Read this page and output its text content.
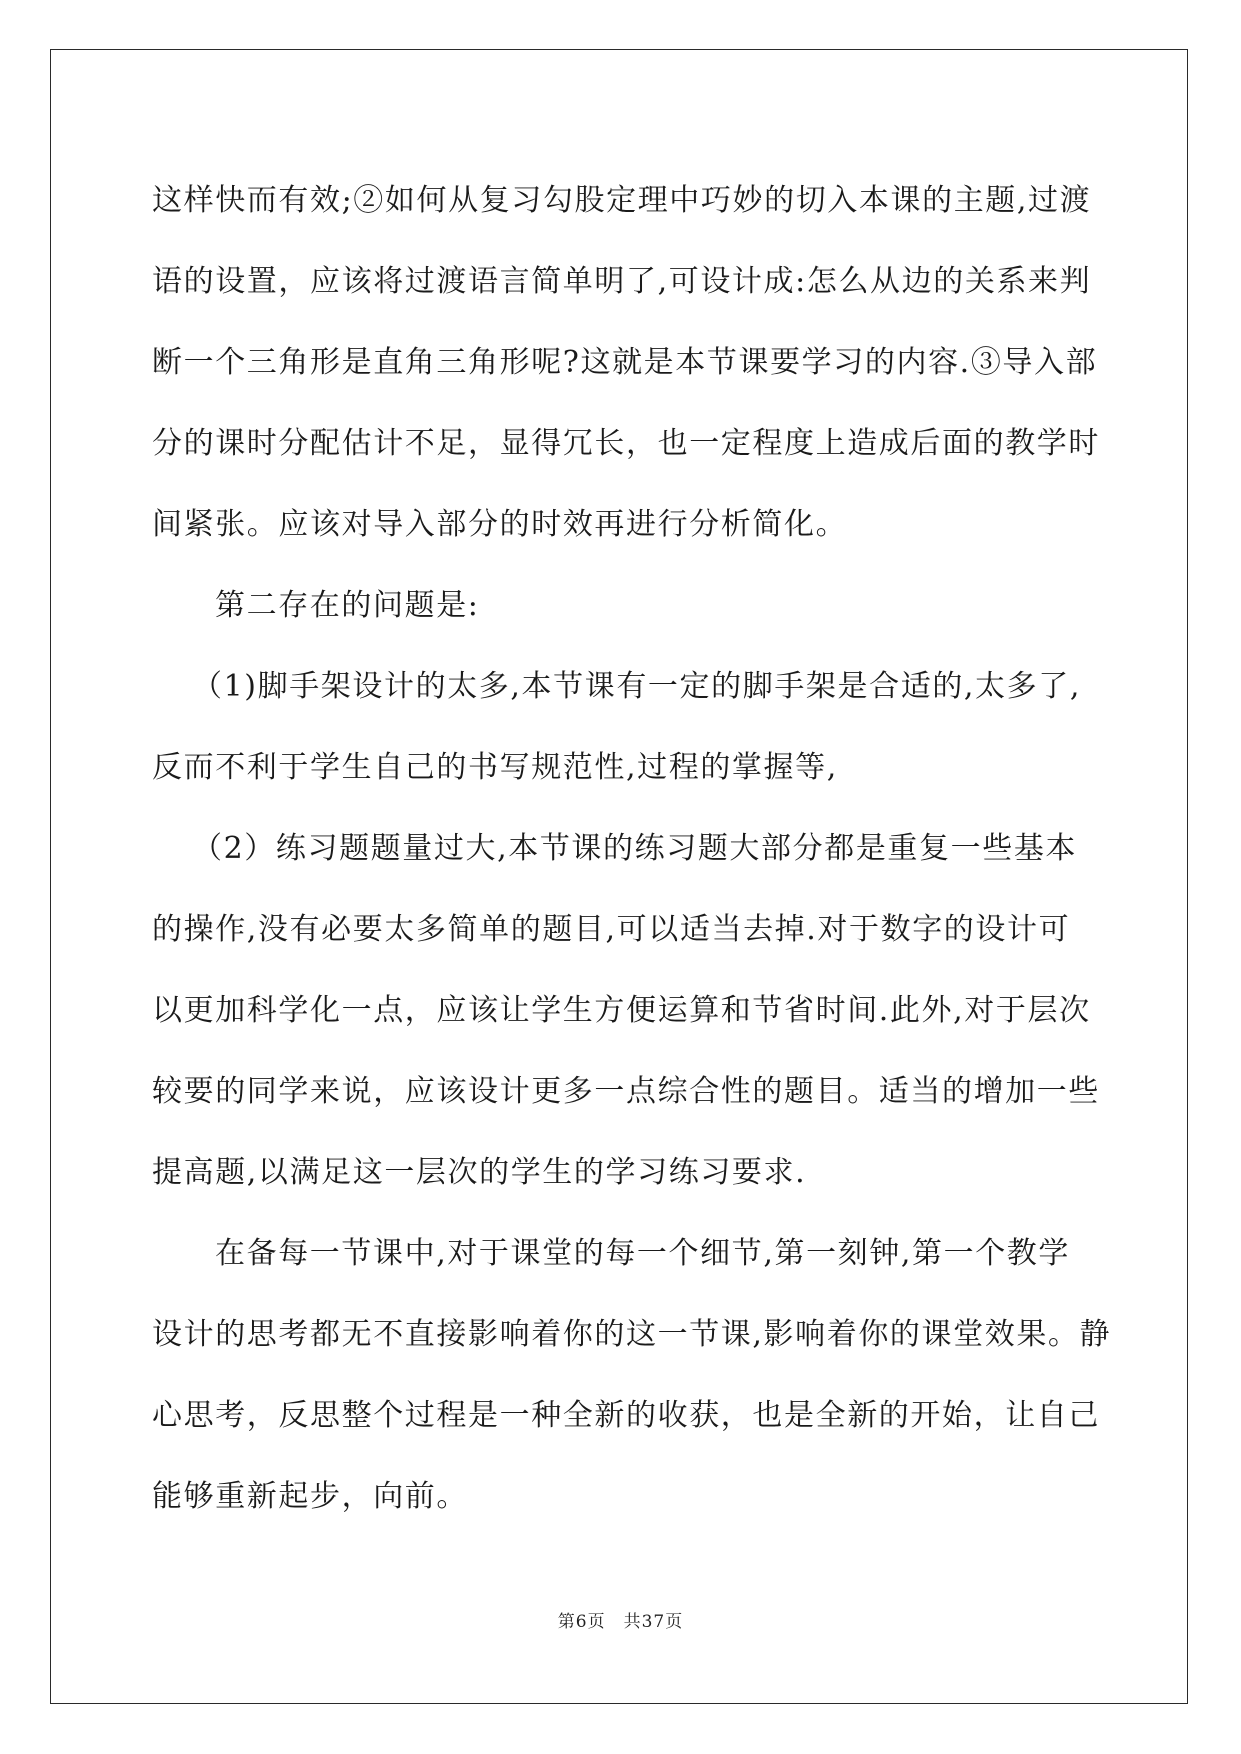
这样快而有效;②如何从复习勾股定理中巧妙的切入本课的主题,过渡

语的设置，应该将过渡语言简单明了,可设计成:怎么从边的关系来判

断一个三角形是直角三角形呢?这就是本节课要学习的内容.③导入部

分的课时分配估计不足，显得冗长，也一定程度上造成后面的教学时

间紧张。应该对导入部分的时效再进行分析简化。

第二存在的问题是:

（1)脚手架设计的太多,本节课有一定的脚手架是合适的,太多了,

反而不利于学生自己的书写规范性,过程的掌握等,

（2）练习题题量过大,本节课的练习题大部分都是重复一些基本

的操作,没有必要太多简单的题目,可以适当去掉.对于数字的设计可

以更加科学化一点，应该让学生方便运算和节省时间.此外,对于层次

较要的同学来说，应该设计更多一点综合性的题目。适当的增加一些

提高题,以满足这一层次的学生的学习练习要求.

在备每一节课中,对于课堂的每一个细节,第一刻钟,第一个教学

设计的思考都无不直接影响着你的这一节课,影响着你的课堂效果。静

心思考，反思整个过程是一种全新的收获，也是全新的开始，让自己

能够重新起步，向前。

第6页 共37页
